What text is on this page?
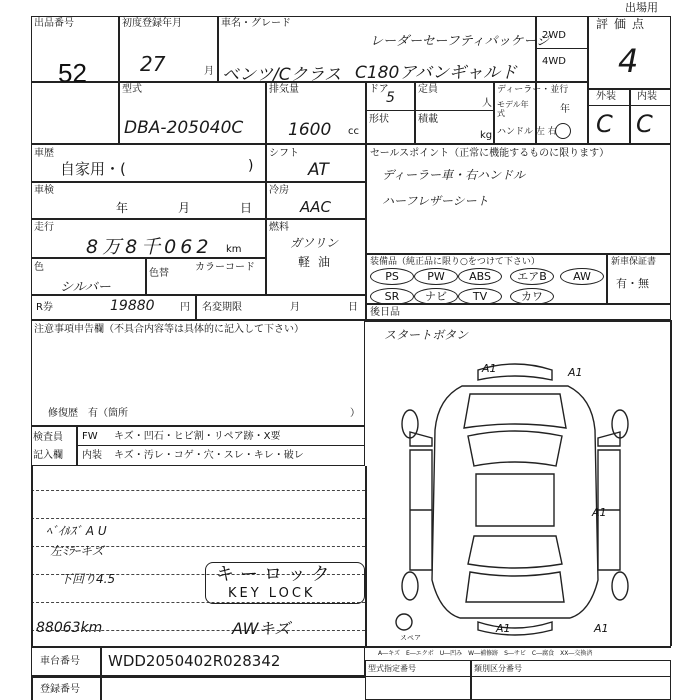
出場用
出品番号
52
初度登録年月
27	月
車名・グレード
レーダーセーフティパッケージ
ベンツ/Cクラス C180アバンギャルド
2WD
4WD
評価点
4
型式
DBA-205040C
排気量
1600 cc
ドア
5
定員
人
形状	積載
kg
ディーラー・並行
モデル年式	年
ハンドル 左 右
外装 内装
C C
車歴
自家用・(	)
シフト
AT
車検
年	月	日
冷房
AAC
走行
8万8千062 km
燃料
ガソリン
軽油
色
シルバー
色替
カラーコード
R券	19880	円 名変期限	月	日
セールスポイント（正常に機能するものに限ります）
ディーラー車・右ハンドル
ハーフレザーシート
装備品（純正品に限り○をつけて下さい）	新車保証書
有・無
PS	PW	ABS	エアB	AW
SR	ナビ	TV	カワ
後日品
スタートボタン
注意事項申告欄（不具合内容等は具体的に記入して下さい）
修復歴　有（箇所	）
検査員
記入欄
FW キズ・凹石・ヒビ割・リペア跡・X要
内装 キズ・汚レ・コゲ・穴・スレ・キレ・破レ
ﾍﾞｲﾙｽﾞ A U
左ﾐﾗｰキズ
下回り4.5
88063km	AWキズ
キーロック
KEY LOCK
A1	A1
A1
A1	A1
スペア
車台番号 WDD2050402R028342
登録番号
A―キズ　E―エクボ　U―凹み　W―補修跡　S―サビ　C―腐食　XX―交換済
型式指定番号	類別区分番号
